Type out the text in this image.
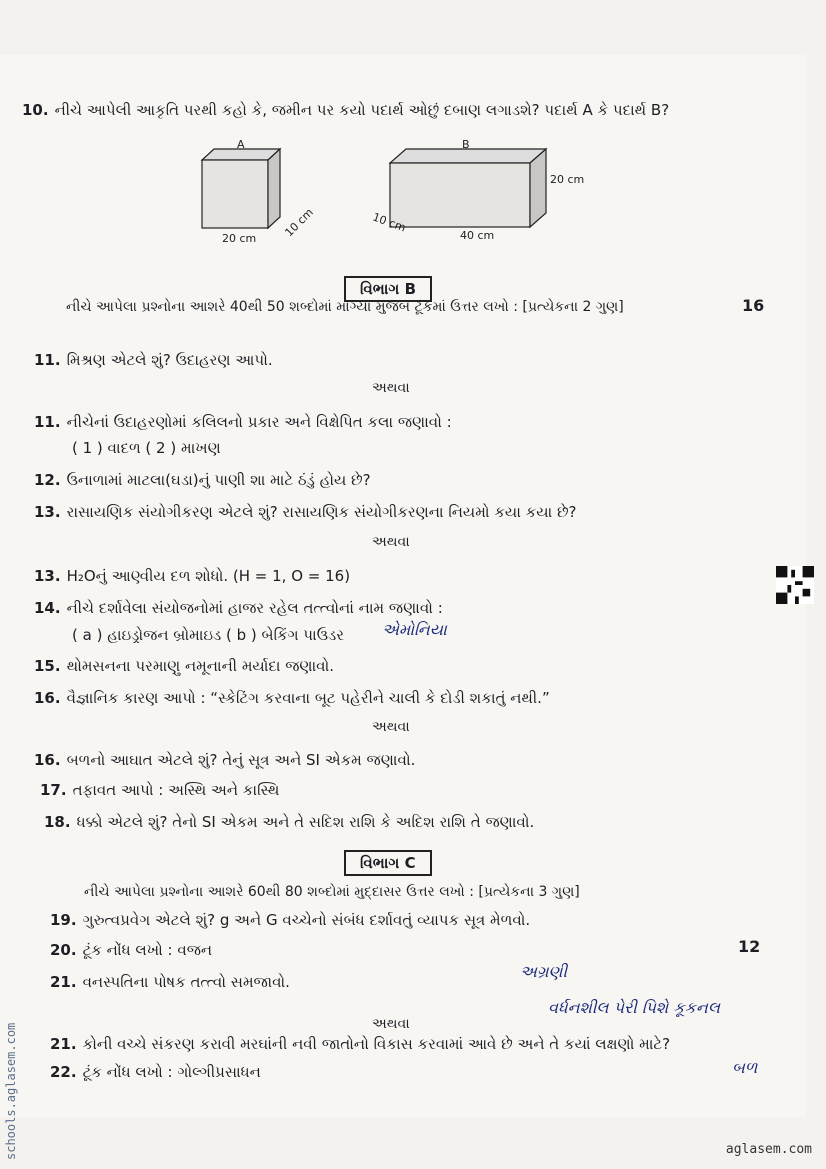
10. નીચે આપેલી આકૃતિ પરથી કહો કે, જમીન પર કયો પદાર્થ ઓછું દબાણ લગાડશે? પદાર્થ A કે પદાર્થ B?
A	B
20 cm 10 cm
20 cm
10 cm
40 cm
વિભાગ B
નીચે આપેલા પ્રશ્નોના આશરે 40થી 50 શબ્દોમાં માગ્યા મુજબ ટૂંકમાં ઉત્તર લખો : [પ્રત્યેકના 2 ગુણ]	16
11. મિશ્રણ એટલે શું? ઉદાહરણ આપો.
અથવા
11. નીચેનાં ઉદાહરણોમાં કલિલનો પ્રકાર અને વિક્ષેપિત કલા જણાવો :
( 1 ) વાદળ ( 2 ) માખણ
12. ઉનાળામાં માટલા(ઘડા)નું પાણી શા માટે ઠંડું હોય છે?
13. રાસાયણિક સંયોગીકરણ એટલે શું? રાસાયણિક સંયોગીકરણના નિયમો કયા કયા છે?
અથવા
13. H₂Oનું આણ્વીય દળ શોધો. (H = 1, O = 16)
14. નીચે દર્શાવેલા સંયોજનોમાં હાજર રહેલ તત્ત્વોનાં નામ જણાવો :
( a ) હાઇડ્રોજન બ્રોમાઇડ ( b ) બેકિંગ પાઉડર એમોનિયા
15. થોમસનના પરમાણુ નમૂનાની મર્યાદા જણાવો.
16. વૈજ્ઞાનિક કારણ આપો : “સ્કેટિંગ કરવાના બૂટ પહેરીને ચાલી કે દોડી શકાતું નથી.”
અથવા
16. બળનો આઘાત એટલે શું? તેનું સૂત્ર અને SI એકમ જણાવો.
17. તફાવત આપો : અસ્થિ અને કાસ્થિ
18. ધક્કો એટલે શું? તેનો SI એકમ અને તે સદિશ રાશિ કે અદિશ રાશિ તે જણાવો.
વિભાગ C
નીચે આપેલા પ્રશ્નોના આશરે 60થી 80 શબ્દોમાં મુદ્દાસર ઉત્તર લખો : [પ્રત્યેકના 3 ગુણ]
19. ગુરુત્વપ્રવેગ એટલે શું? g અને G વચ્ચેનો સંબંધ દર્શાવતું વ્યાપક સૂત્ર મેળવો.
12
20. ટૂંક નોંધ લખો : વજન
અગ્રણી
21. વનસ્પતિના પોષક તત્ત્વો સમજાવો.
વર્ધનશીલ પેરી પિશે કૂકનલ
અથવા
બળ
21. કોની વચ્ચે સંકરણ કરાવી મરઘાંની નવી જાતોનો વિકાસ કરવામાં આવે છે અને તે કયાં લક્ષણો માટે?
22. ટૂંક નોંધ લખો : ગોલ્ગીપ્રસાધન
schools.aglasem.com	aglasem.com
